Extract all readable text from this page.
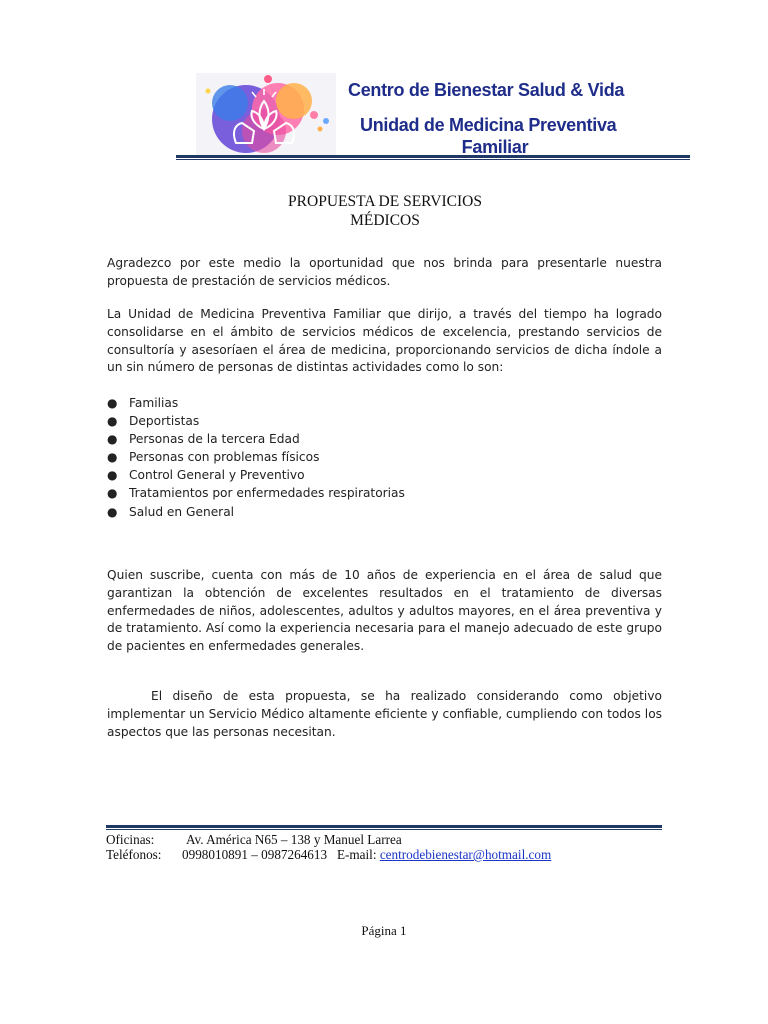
Centro de Bienestar Salud & Vida
Unidad de Medicina Preventiva
Familiar
PROPUESTA DE SERVICIOS
MÉDICOS
Agradezco por este medio la oportunidad que nos brinda para presentarle nuestra propuesta de prestación de servicios médicos.
La Unidad de Medicina Preventiva Familiar que dirijo, a través del tiempo ha logrado consolidarse en el ámbito de servicios médicos de excelencia, prestando servicios de consultoría y asesoríaen el área de medicina, proporcionando servicios de dicha índole a un sin número de personas de distintas actividades como lo son:
● Familias
● Deportistas
● Personas de la tercera Edad
● Personas con problemas físicos
● Control General y Preventivo
● Tratamientos por enfermedades respiratorias
● Salud en General
Quien suscribe, cuenta con más de 10 años de experiencia en el área de salud que garantizan la obtención de excelentes resultados en el tratamiento de diversas enfermedades de niños, adolescentes, adultos y adultos mayores, en el área preventiva y de tratamiento. Así como la experiencia necesaria para el manejo adecuado de este grupo de pacientes en enfermedades generales.
El diseño de esta propuesta, se ha realizado considerando como objetivo implementar un Servicio Médico altamente eficiente y confiable, cumpliendo con todos los aspectos que las personas necesitan.
Oficinas: Av. América N65 – 138 y Manuel Larrea
Teléfonos: 0998010891 – 0987264613 E-mail: centrodebienestar@hotmail.com
Página 1
